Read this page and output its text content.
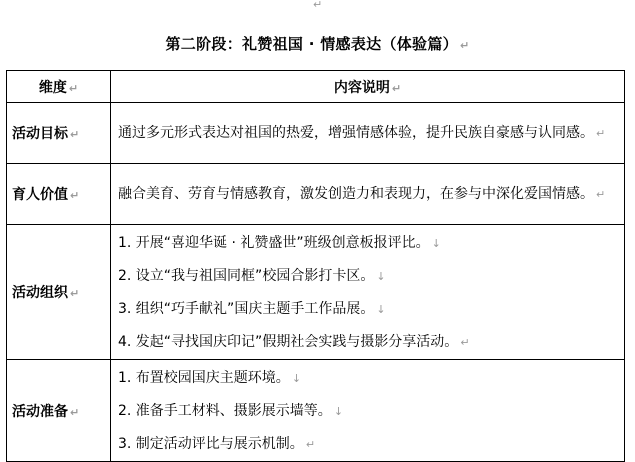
↵
第二阶段：礼赞祖国 · 情感表达（体验篇） ↵
维度 ↵	内容说明 ↵
活动目标 ↵	通过多元形式表达对祖国的热爱，增强情感体验，提升民族自豪感与认同感。 ↵
育人价值 ↵	融合美育、劳育与情感教育，激发创造力和表现力，在参与中深化爱国情感。 ↵
活动组织 ↵	1. 开展“喜迎华诞 · 礼赞盛世”班级创意板报评比。 ↓
2. 设立“我与祖国同框”校园合影打卡区。 ↓
3. 组织“巧手献礼”国庆主题手工作品展。 ↓
4. 发起“寻找国庆印记”假期社会实践与摄影分享活动。 ↵

活动准备 ↵	1. 布置校园国庆主题环境。 ↓
2. 准备手工材料、摄影展示墙等。 ↓
3. 制定活动评比与展示机制。 ↵
